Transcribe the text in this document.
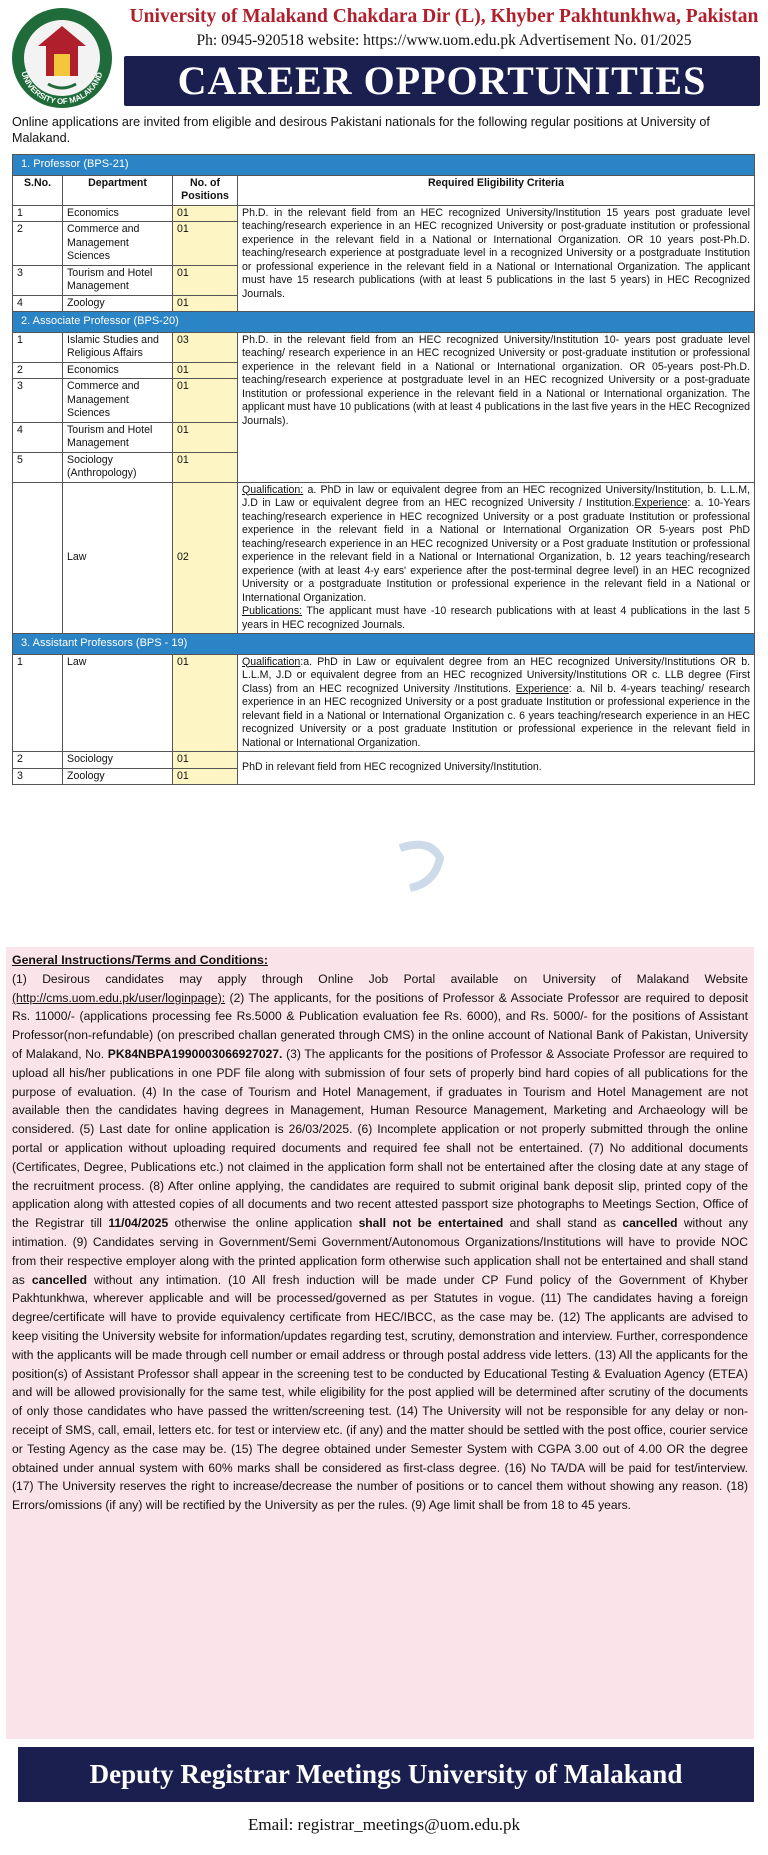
UNIVERSITY OF MALAKAND
University of Malakand Chakdara Dir (L), Khyber Pakhtunkhwa, Pakistan
Ph: 0945-920518 website: https://www.uom.edu.pk Advertisement No. 01/2025
CAREER OPPORTUNITIES
Online applications are invited from eligible and desirous Pakistani nationals for the following regular positions at University of Malakand.
1. Professor (BPS-21)			
S.No.	Department	No. of Positions	Required Eligibility Criteria
1	Economics	01	Ph.D. in the relevant field from an HEC recognized University/Institution 15 years post graduate level teaching/research experience in an HEC recognized University or post-graduate institution or professional experience in the relevant field in a National or International Organization. OR 10 years post-Ph.D. teaching/research experience at postgraduate level in a recognized University or a postgraduate Institution or professional experience in the relevant field in a National or International Organization. The applicant must have 15 research publications (with at least 5 publications in the last 5 years) in HEC Recognized Journals.
2	Commerce and Management Sciences	01	
3	Tourism and Hotel Management	01	
4	Zoology	01	
2. Associate Professor (BPS-20)			
1	Islamic Studies and Religious Affairs	03	Ph.D. in the relevant field from an HEC recognized University/Institution 10- years post graduate level teaching/ research experience in an HEC recognized University or post-graduate institution or professional experience in the relevant field in a National or International organization. OR 05-years post-Ph.D. teaching/research experience at postgraduate level in an HEC recognized University or a post-graduate Institution or professional experience in the relevant field in a National or International organization. The applicant must have 10 publications (with at least 4 publications in the last five years in the HEC Recognized Journals).
2	Economics	01	
3	Commerce and Management Sciences	01	
4	Tourism and Hotel Management	01	
5	Sociology (Anthropology)	01	
	Law	02	Qualification: a. PhD in law or equivalent degree from an HEC recognized University/Institution, b. L.L.M, J.D in Law or equivalent degree from an HEC recognized University / Institution.Experience: a. 10-Years teaching/research experience in HEC recognized University or a post graduate Institution or professional experience in the relevant field in a National or International Organization OR 5-years post PhD teaching/research experience in an HEC recognized University or a Post graduate Institution or professional experience in the relevant field in a National or International Organization, b. 12 years teaching/research experience (with at least 4-y ears' experience after the post-terminal degree level) in an HEC recognized University or a postgraduate Institution or professional experience in the relevant field in a National or International Organization.
Publications: The applicant must have -10 research publications with at least 4 publications in the last 5 years in HEC recognized Journals.
3. Assistant Professors (BPS - 19)			
1	Law	01	Qualification:a. PhD in Law or equivalent degree from an HEC recognized University/Institutions OR b. L.L.M, J.D or equivalent degree from an HEC recognized University/Institutions OR c. LLB degree (First Class) from an HEC recognized University /Institutions. Experience: a. Nil b. 4-years teaching/ research experience in an HEC recognized University or a post graduate Institution or professional experience in the relevant field in a National or International Organization c. 6 years teaching/research experience in an HEC recognized University or a post graduate Institution or professional experience in the relevant field in National or International Organization.
2	Sociology	01	PhD in relevant field from HEC recognized University/Institution.
3	Zoology	01	
General Instructions/Terms and Conditions:
(1) Desirous candidates may apply through Online Job Portal available on University of Malakand Website (http://cms.uom.edu.pk/user/loginpage): (2) The applicants, for the positions of Professor & Associate Professor are required to deposit Rs. 11000/- (applications processing fee Rs.5000 & Publication evaluation fee Rs. 6000), and Rs. 5000/- for the positions of Assistant Professor(non-refundable) (on prescribed challan generated through CMS) in the online account of National Bank of Pakistan, University of Malakand, No. PK84NBPA1990003066927027. (3) The applicants for the positions of Professor & Associate Professor are required to upload all his/her publications in one PDF file along with submission of four sets of properly bind hard copies of all publications for the purpose of evaluation. (4) In the case of Tourism and Hotel Management, if graduates in Tourism and Hotel Management are not available then the candidates having degrees in Management, Human Resource Management, Marketing and Archaeology will be considered. (5) Last date for online application is 26/03/2025. (6) Incomplete application or not properly submitted through the online portal or application without uploading required documents and required fee shall not be entertained. (7) No additional documents (Certificates, Degree, Publications etc.) not claimed in the application form shall not be entertained after the closing date at any stage of the recruitment process. (8) After online applying, the candidates are required to submit original bank deposit slip, printed copy of the application along with attested copies of all documents and two recent attested passport size photographs to Meetings Section, Office of the Registrar till 11/04/2025 otherwise the online application shall not be entertained and shall stand as cancelled without any intimation. (9) Candidates serving in Government/Semi Government/Autonomous Organizations/Institutions will have to provide NOC from their respective employer along with the printed application form otherwise such application shall not be entertained and shall stand as cancelled without any intimation. (10 All fresh induction will be made under CP Fund policy of the Government of Khyber Pakhtunkhwa, wherever applicable and will be processed/governed as per Statutes in vogue. (11) The candidates having a foreign degree/certificate will have to provide equivalency certificate from HEC/IBCC, as the case may be. (12) The applicants are advised to keep visiting the University website for information/updates regarding test, scrutiny, demonstration and interview. Further, correspondence with the applicants will be made through cell number or email address or through postal address vide letters. (13) All the applicants for the position(s) of Assistant Professor shall appear in the screening test to be conducted by Educational Testing & Evaluation Agency (ETEA) and will be allowed provisionally for the same test, while eligibility for the post applied will be determined after scrutiny of the documents of only those candidates who have passed the written/screening test. (14) The University will not be responsible for any delay or non-receipt of SMS, call, email, letters etc. for test or interview etc. (if any) and the matter should be settled with the post office, courier service or Testing Agency as the case may be. (15) The degree obtained under Semester System with CGPA 3.00 out of 4.00 OR the degree obtained under annual system with 60% marks shall be considered as first-class degree. (16) No TA/DA will be paid for test/interview. (17) The University reserves the right to increase/decrease the number of positions or to cancel them without showing any reason. (18) Errors/omissions (if any) will be rectified by the University as per the rules. (9) Age limit shall be from 18 to 45 years.
Deputy Registrar Meetings University of Malakand
Email: registrar_meetings@uom.edu.pk
